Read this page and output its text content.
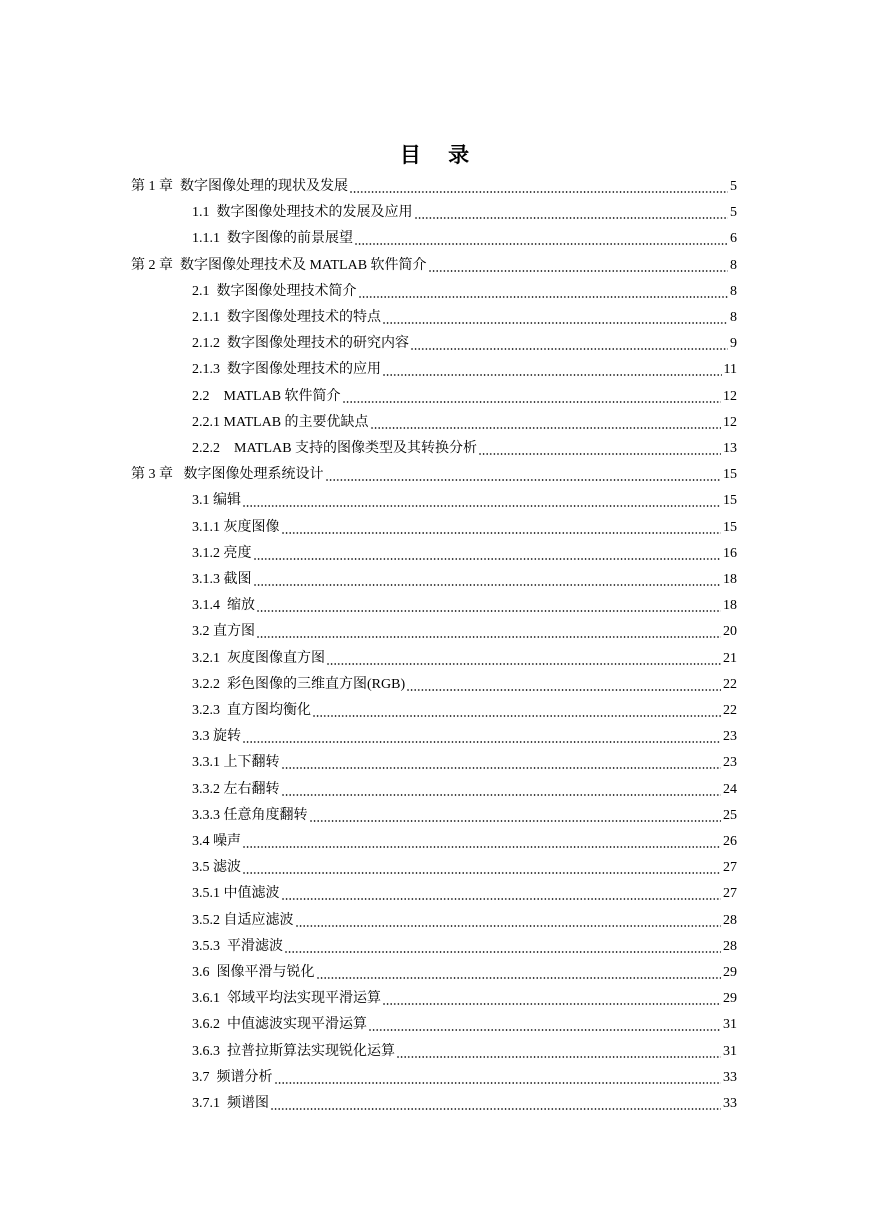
目 录
第 1 章  数字图像处理的现状及发展	5
1.1  数字图像处理技术的发展及应用	5
1.1.1  数字图像的前景展望	6
第 2 章  数字图像处理技术及 MATLAB 软件简介	8
2.1  数字图像处理技术简介	8
2.1.1  数字图像处理技术的特点	8
2.1.2  数字图像处理技术的研究内容	9
2.1.3  数字图像处理技术的应用	11
2.2    MATLAB 软件简介	12
2.2.1 MATLAB 的主要优缺点	12
2.2.2    MATLAB 支持的图像类型及其转换分析	13
第 3 章   数字图像处理系统设计	15
3.1 编辑	15
3.1.1 灰度图像	15
3.1.2 亮度	16
3.1.3 截图	18
3.1.4  缩放	18
3.2 直方图	20
3.2.1  灰度图像直方图	21
3.2.2  彩色图像的三维直方图(RGB)	22
3.2.3  直方图均衡化	22
3.3 旋转	23
3.3.1 上下翻转	23
3.3.2 左右翻转	24
3.3.3 任意角度翻转	25
3.4 噪声	26
3.5 滤波	27
3.5.1 中值滤波	27
3.5.2 自适应滤波	28
3.5.3  平滑滤波	28
3.6  图像平滑与锐化	29
3.6.1  邻域平均法实现平滑运算	29
3.6.2  中值滤波实现平滑运算	31
3.6.3  拉普拉斯算法实现锐化运算	31
3.7  频谱分析	33
3.7.1  频谱图	33
